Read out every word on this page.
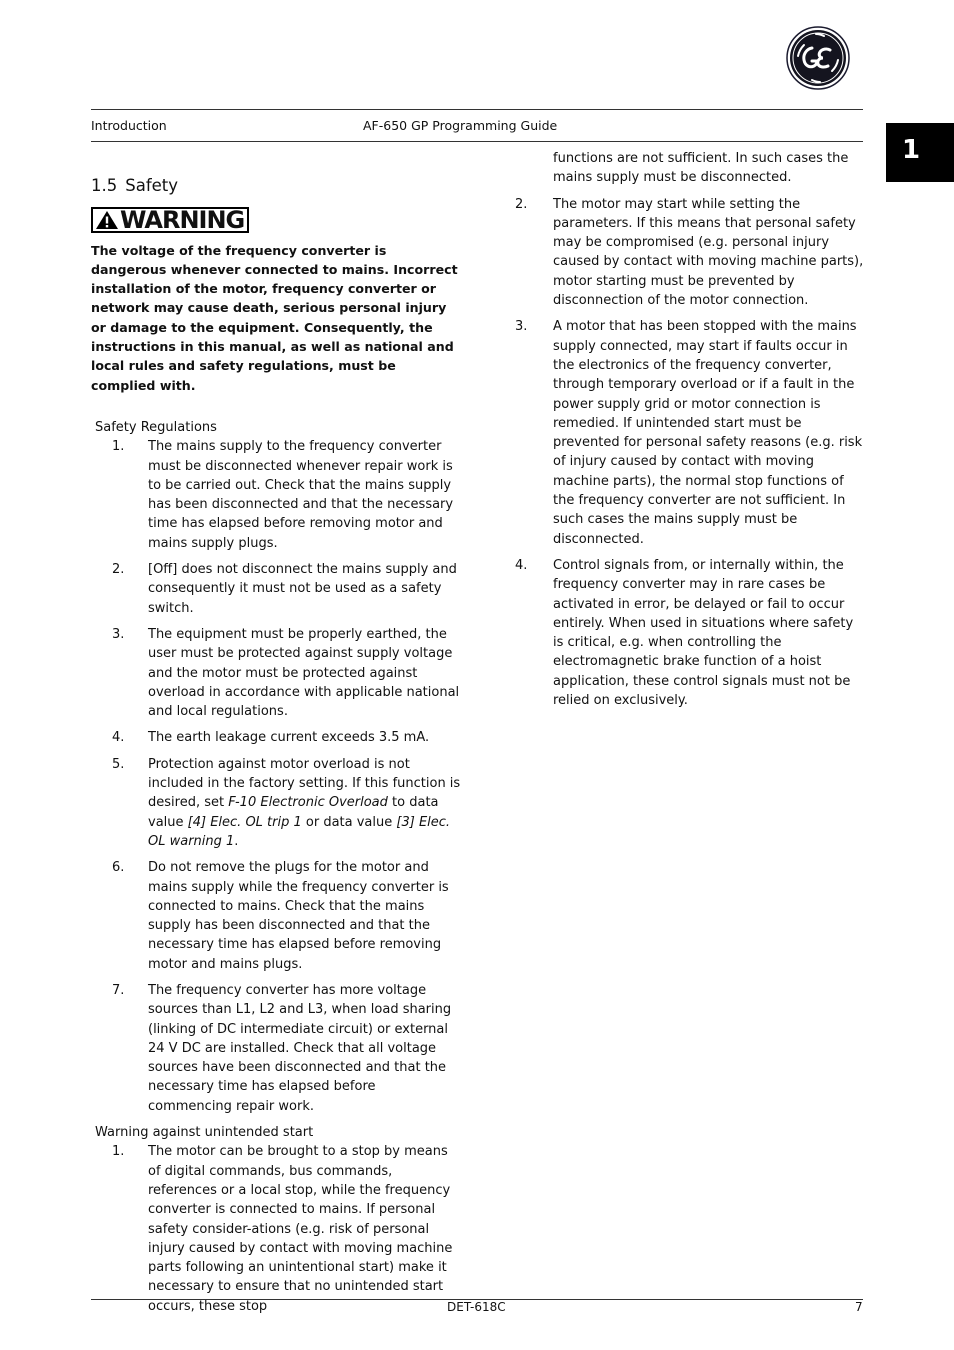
Introduction	AF-650 GP Programming Guide
1
1.5 Safety
WARNING
The voltage of the frequency converter is dangerous whenever connected to mains. Incorrect installation of the motor, frequency converter or network may cause death, serious personal injury or damage to the equipment. Consequently, the instructions in this manual, as well as national and local rules and safety regulations, must be complied with.
Safety Regulations
1.	The mains supply to the frequency converter must be disconnected whenever repair work is to be carried out. Check that the mains supply has been disconnected and that the necessary time has elapsed before removing motor and mains supply plugs.
2.	[Off] does not disconnect the mains supply and consequently it must not be used as a safety switch.
3.	The equipment must be properly earthed, the user must be protected against supply voltage and the motor must be protected against overload in accordance with applicable national and local regulations.
4.	The earth leakage current exceeds 3.5 mA.
5.	Protection against motor overload is not included in the factory setting. If this function is desired, set F-10 Electronic Overload to data value [4] Elec. OL trip 1 or data value [3] Elec. OL warning 1.
6.	Do not remove the plugs for the motor and mains supply while the frequency converter is connected to mains. Check that the mains supply has been disconnected and that the necessary time has elapsed before removing motor and mains plugs.
7.	The frequency converter has more voltage sources than L1, L2 and L3, when load sharing (linking of DC intermediate circuit) or external 24 V DC are installed. Check that all voltage sources have been disconnected and that the necessary time has elapsed before commencing repair work.
Warning against unintended start
1.	The motor can be brought to a stop by means of digital commands, bus commands, references or a local stop, while the frequency converter is connected to mains. If personal safety consider-ations (e.g. risk of personal injury caused by contact with moving machine parts following an unintentional start) make it necessary to ensure that no unintended start occurs, these stop
functions are not sufficient. In such cases the mains supply must be disconnected.
2.	The motor may start while setting the parameters. If this means that personal safety may be compromised (e.g. personal injury caused by contact with moving machine parts), motor starting must be prevented by disconnection of the motor connection.
3.	A motor that has been stopped with the mains supply connected, may start if faults occur in the electronics of the frequency converter, through temporary overload or if a fault in the power supply grid or motor connection is remedied. If unintended start must be prevented for personal safety reasons (e.g. risk of injury caused by contact with moving machine parts), the normal stop functions of the frequency converter are not sufficient. In such cases the mains supply must be disconnected.
4.	Control signals from, or internally within, the frequency converter may in rare cases be activated in error, be delayed or fail to occur entirely. When used in situations where safety is critical, e.g. when controlling the electromagnetic brake function of a hoist application, these control signals must not be relied on exclusively.
DET-618C	7
